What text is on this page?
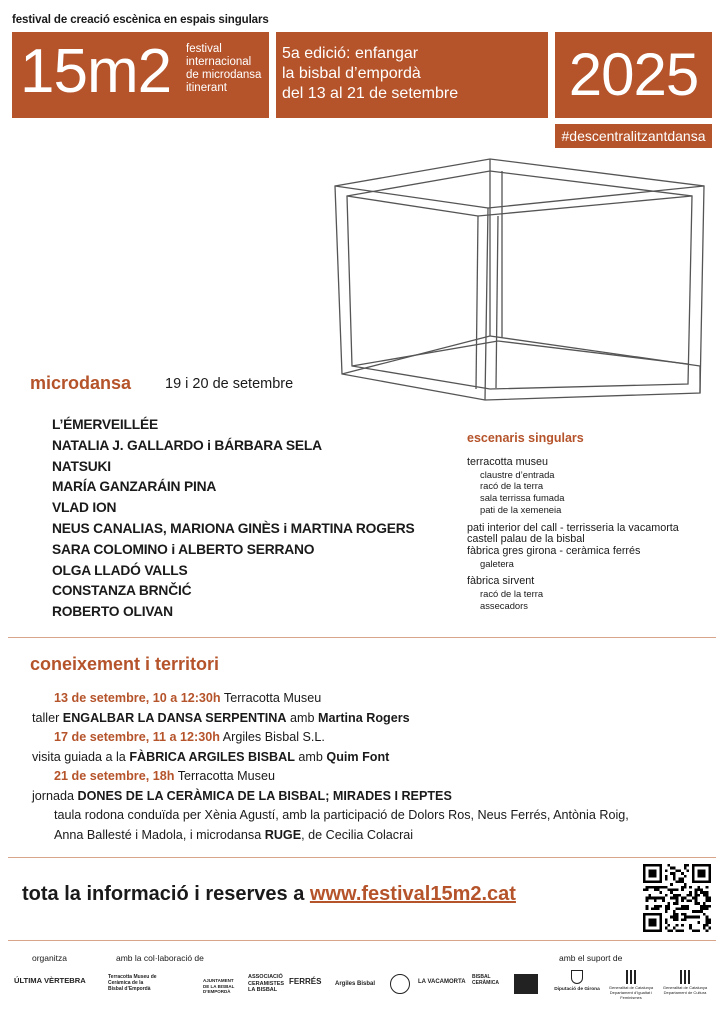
festival de creació escènica en espais singulars
15m2 festival
internacional
de microdansa
itinerant
5a edició: enfangar
la bisbal d’empordà
del 13 al 21 de setembre	2025
#descentralitzantdansa
microdansa 19 i 20 de setembre
L’ÉMERVEILLÉE
NATALIA J. GALLARDO i BÁRBARA SELA
NATSUKI
MARÍA GANZARÁIN PINA
VLAD ION
NEUS CANALIAS, MARIONA GINÈS i MARTINA ROGERS
SARA COLOMINO i ALBERTO SERRANO
OLGA LLADÓ VALLS
CONSTANZA BRNČIĆ
ROBERTO OLIVAN
escenaris singulars
terracotta museu
claustre d’entrada
racó de la terra
sala terrissa fumada
pati de la xemeneia
pati interior del call - terrisseria la vacamorta
castell palau de la bisbal
fàbrica gres girona - ceràmica ferrés
galetera
fàbrica sirvent
racó de la terra
assecadors
coneixement i territori
13 de setembre, 10 a 12:30h Terracotta Museu
taller ENGALBAR LA DANSA SERPENTINA amb Martina Rogers
17 de setembre, 11 a 12:30h Argiles Bisbal S.L.
visita guiada a la FÀBRICA ARGILES BISBAL amb Quim Font
21 de setembre, 18h Terracotta Museu
jornada DONES DE LA CERÀMICA DE LA BISBAL; MIRADES I REPTES
taula rodona conduïda per Xènia Agustí, amb la participació de Dolors Ros, Neus Ferrés, Antònia Roig,
Anna Ballesté i Madola, i microdansa RUGE, de Cecilia Colacrai
tota la informació i reserves a www.festival15m2.cat
organitza	amb la col·laboració de	amb el suport de
ÚLTIMA VÈRTEBRA	Terracotta Museu de Ceràmica de la Bisbal d’Empordà
AJUNTAMENT DE LA BISBAL D’EMPORDÀ
ASSOCIACIÓ CERAMISTES LA BISBAL
FERRÉS Argiles Bisbal	LA VACAMORTA
BISBAL CERÀMICA
Diputació de Girona	Generalitat de Catalunya Departament d’Igualtat i Feminismes
Generalitat de Catalunya Departament de Cultura
